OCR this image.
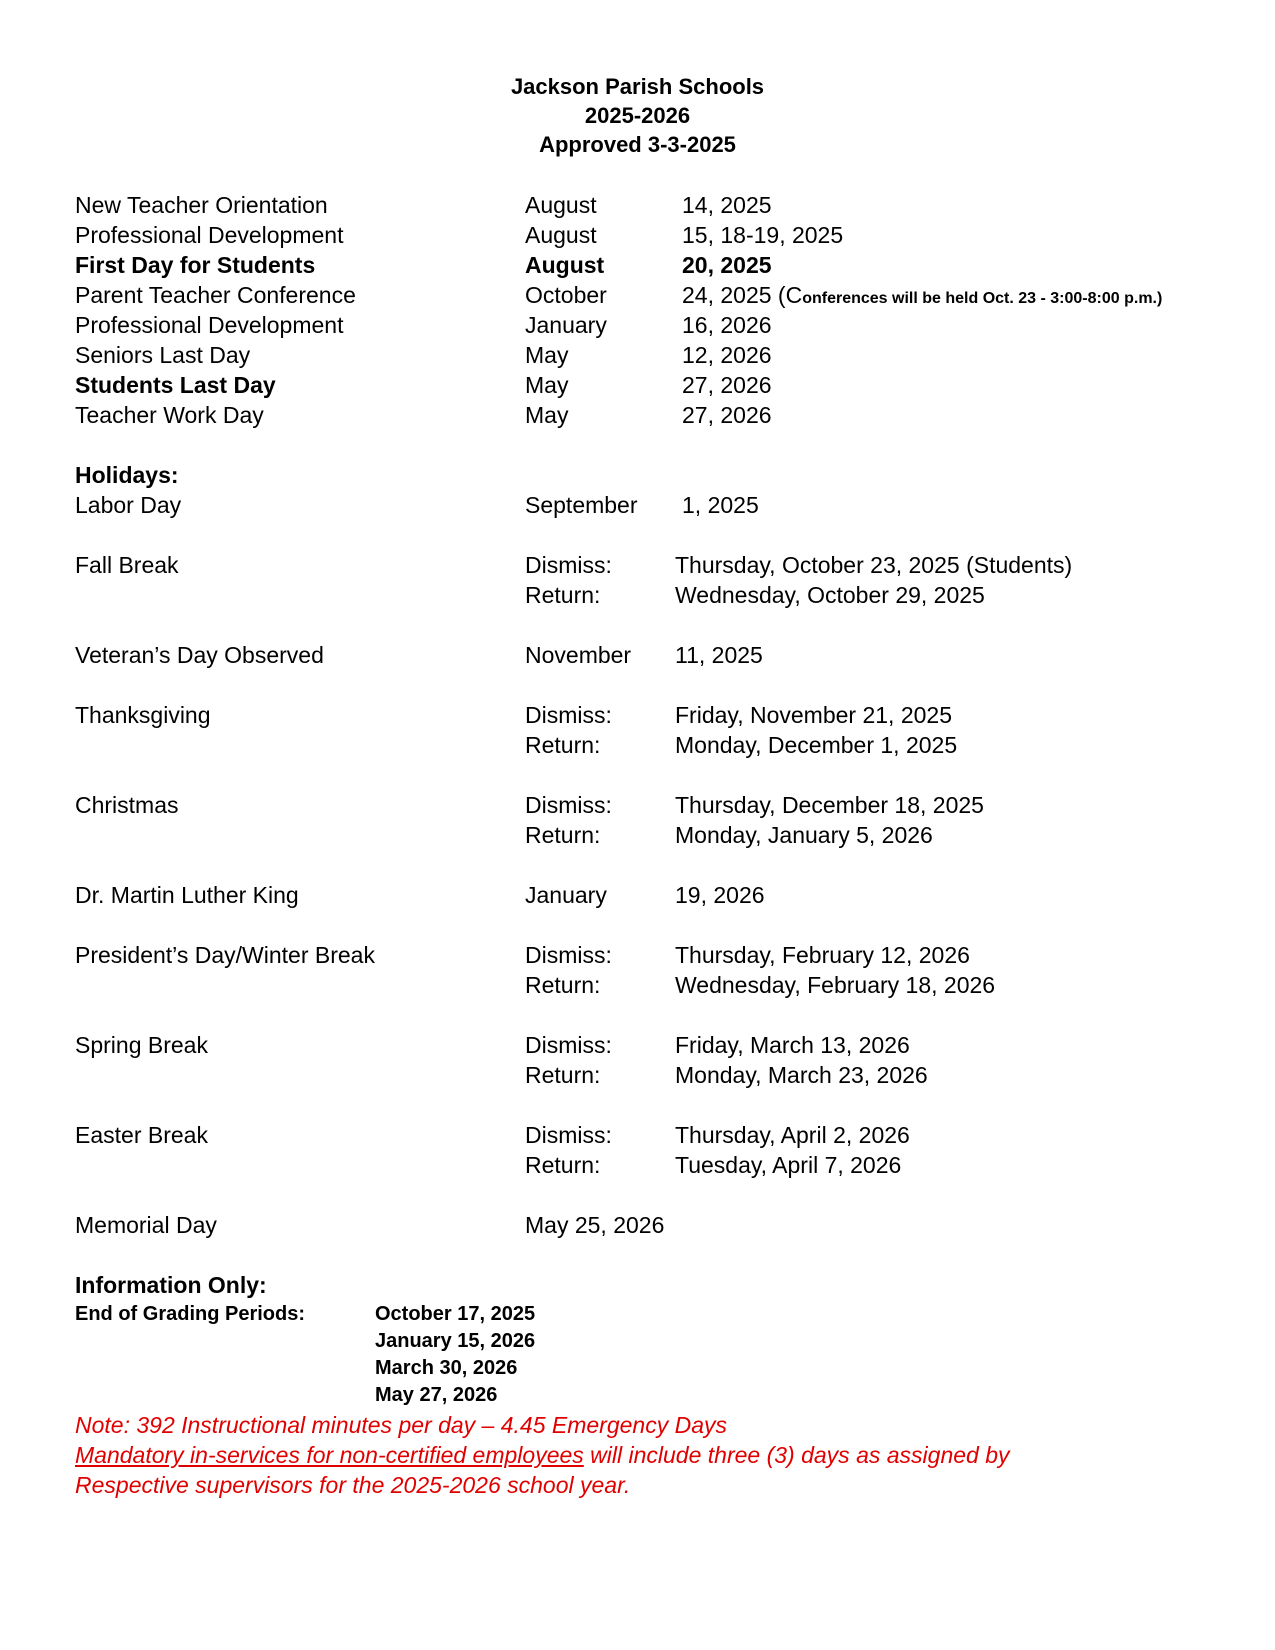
Jackson Parish Schools
2025-2026
Approved 3-3-2025
New Teacher Orientation	August	14, 2025
Professional Development	August	15, 18-19, 2025
First Day for Students	August	20, 2025
Parent Teacher Conference	October	24, 2025 (Conferences will be held Oct. 23 - 3:00-8:00 p.m.)
Professional Development	January	16, 2026
Seniors Last Day	May	12, 2026
Students Last Day	May	27, 2026
Teacher Work Day	May	27, 2026
Holidays:
Labor Day	September 1, 2025
Fall Break	Dismiss:	Thursday, October 23, 2025 (Students)
Return:	Wednesday, October 29, 2025
Veteran’s Day Observed	November 11, 2025
Thanksgiving	Dismiss:	Friday, November 21, 2025
Return:	Monday, December 1, 2025
Christmas	Dismiss:	Thursday, December 18, 2025
Return:	Monday, January 5, 2026
Dr. Martin Luther King	January	19, 2026
President’s Day/Winter Break	Dismiss:	Thursday, February 12, 2026
Return:	Wednesday, February 18, 2026
Spring Break	Dismiss:	Friday, March 13, 2026
Return:	Monday, March 23, 2026
Easter Break	Dismiss:	Thursday, April 2, 2026
Return:	Tuesday, April 7, 2026
Memorial Day	May 25, 2026
Information Only:
End of Grading Periods:	October 17, 2025
January 15, 2026
March 30, 2026
May 27, 2026
Note: 392 Instructional minutes per day – 4.45 Emergency Days
Mandatory in-services for non-certified employees will include three (3) days as assigned by
Respective supervisors for the 2025-2026 school year.
